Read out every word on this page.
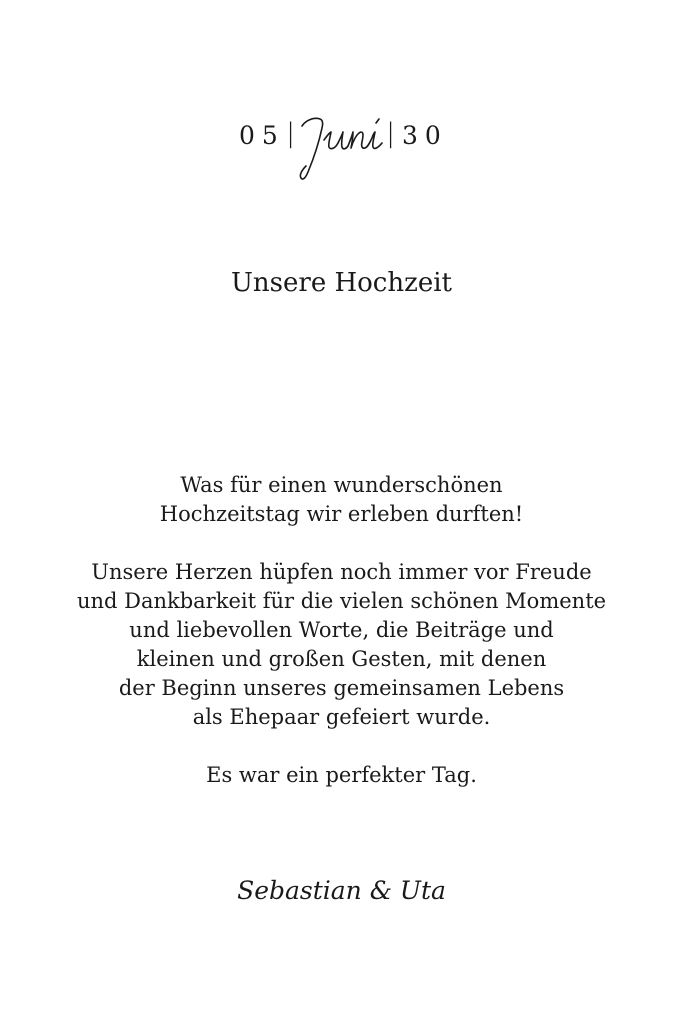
05 |	| 30
Unsere Hochzeit
Was für einen wunderschönen
Hochzeitstag wir erleben durften!
Unsere Herzen hüpfen noch immer vor Freude
und Dankbarkeit für die vielen schönen Momente
und liebevollen Worte, die Beiträge und
kleinen und großen Gesten, mit denen
der Beginn unseres gemeinsamen Lebens
als Ehepaar gefeiert wurde.
Es war ein perfekter Tag.
Sebastian & Uta
